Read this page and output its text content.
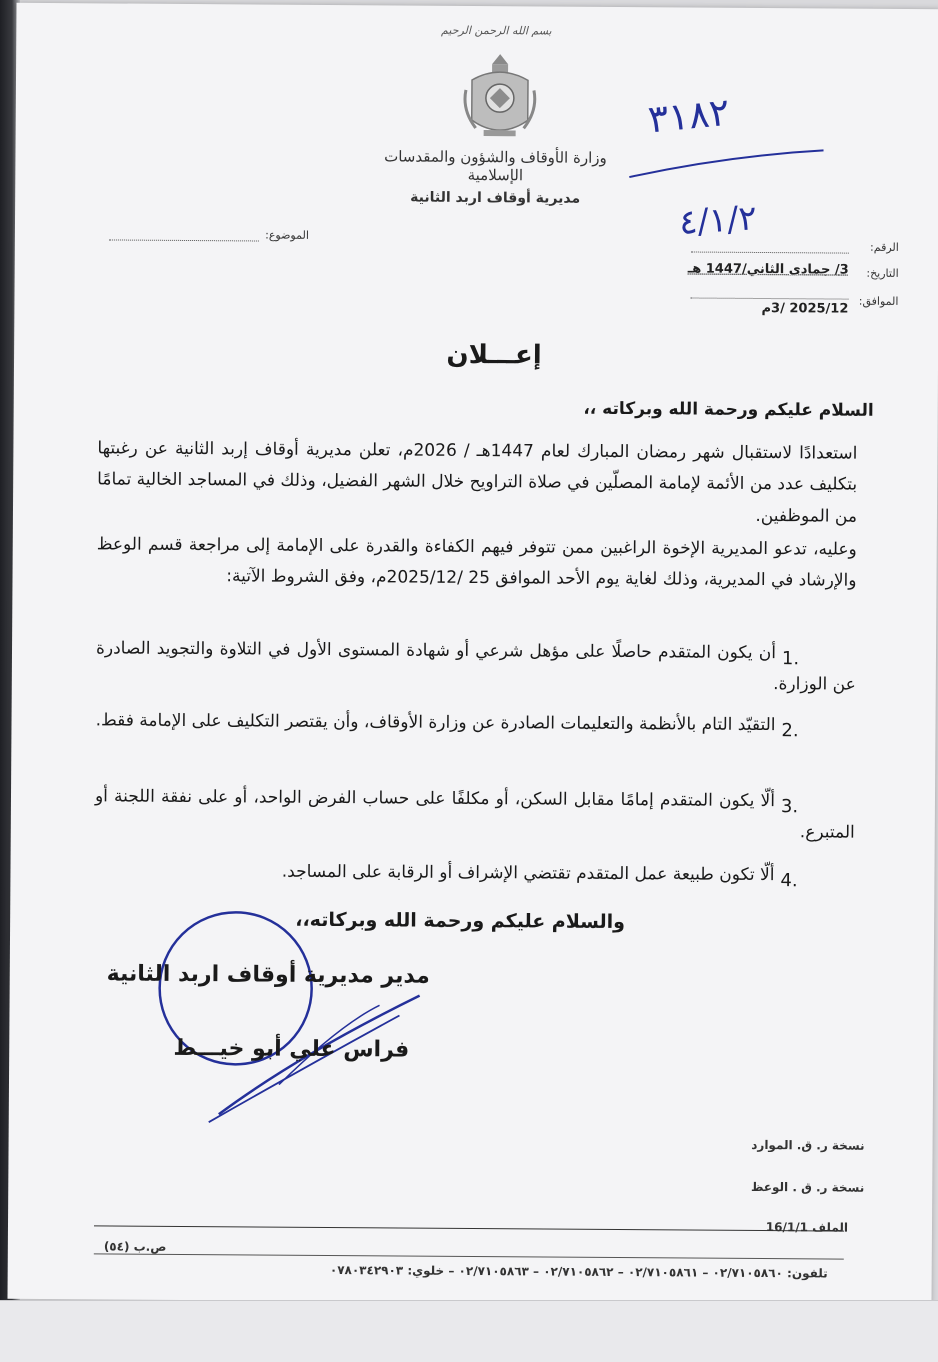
بسم الله الرحمن الرحيم
وزارة الأوقاف والشؤون والمقدسات الإسلامية
مديرية أوقاف اربد الثانية
٣١٨٢
٤/١/٢
الموضوع:
الرقم:
التاريخ:
3/ جمادى الثاني/1447 هـ
الموافق:
2025/12 /3م
إعـــلان
السلام عليكم ورحمة الله وبركاته ،،
استعدادًا لاستقبال شهر رمضان المبارك لعام 1447هـ / 2026م، تعلن مديرية أوقاف إربد الثانية عن رغبتها بتكليف عدد من الأئمة لإمامة المصلّين في صلاة التراويح خلال الشهر الفضيل، وذلك في المساجد الخالية تمامًا من الموظفين.
وعليه، تدعو المديرية الإخوة الراغبين ممن تتوفر فيهم الكفاءة والقدرة على الإمامة إلى مراجعة قسم الوعظ والإرشاد في المديرية، وذلك لغاية يوم الأحد الموافق 25 /2025/12م، وفق الشروط الآتية:
أن يكون المتقدم حاصلًا على مؤهل شرعي أو شهادة المستوى الأول في التلاوة والتجويد الصادرة عن الوزارة.
1.
التقيّد التام بالأنظمة والتعليمات الصادرة عن وزارة الأوقاف، وأن يقتصر التكليف على الإمامة فقط. 2.
ألّا يكون المتقدم إمامًا مقابل السكن، أو مكلفًا على حساب الفرض الواحد، أو على نفقة اللجنة أو المتبرع.
3.
ألّا تكون طبيعة عمل المتقدم تقتضي الإشراف أو الرقابة على المساجد. 4.
والسلام عليكم ورحمة الله وبركاته،،
مدير مديرية أوقاف اربد الثانية
فراس علي أبو خيـــط
نسخة ر. ق. الموارد
نسخة ر. ق . الوعظ
الملف 16/1/1
ص.ب (٥٤)
تلفون: ٠٢/٧١٠٥٨٦٠ – ٠٢/٧١٠٥٨٦١ – ٠٢/٧١٠٥٨٦٢ – ٠٢/٧١٠٥٨٦٣ – خلوي: ٠٧٨٠٣٤٢٩٠٣
